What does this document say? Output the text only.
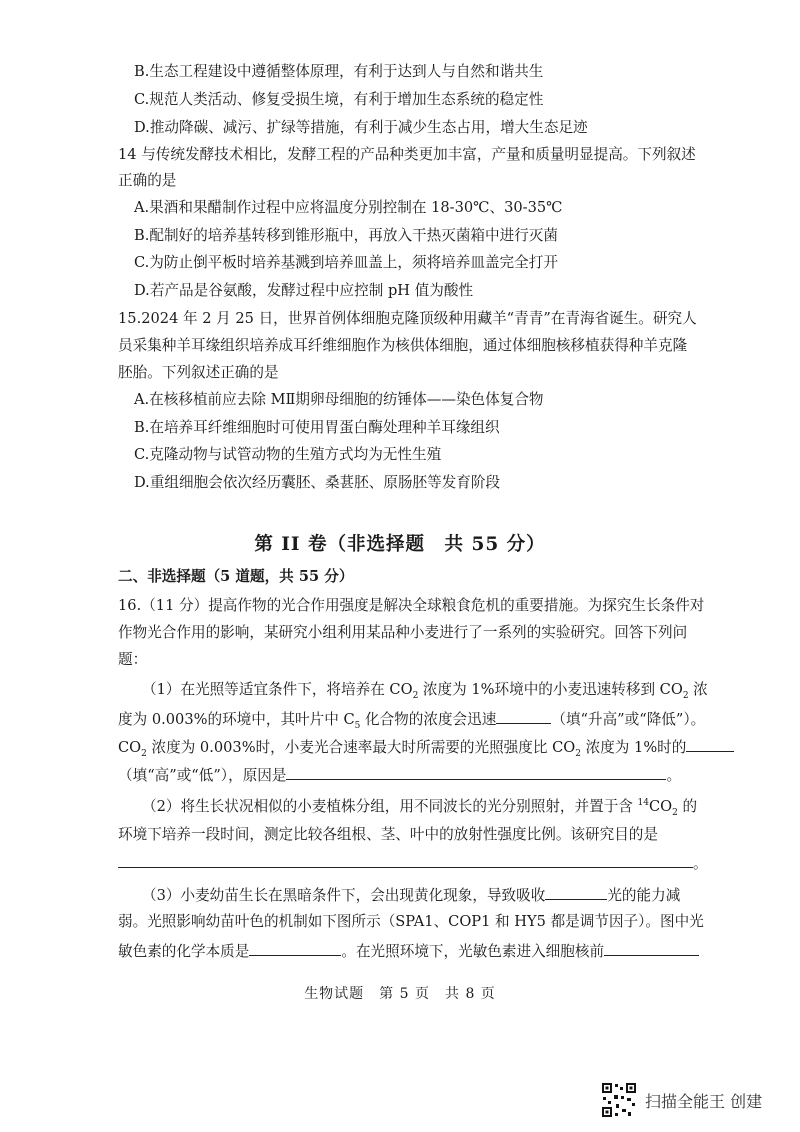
B.生态工程建设中遵循整体原理，有利于达到人与自然和谐共生
C.规范人类活动、修复受损生境，有利于增加生态系统的稳定性
D.推动降碳、减污、扩绿等措施，有利于减少生态占用，增大生态足迹
14 与传统发酵技术相比，发酵工程的产品种类更加丰富，产量和质量明显提高。下列叙述
正确的是
A.果酒和果醋制作过程中应将温度分别控制在 18-30℃、30-35℃
B.配制好的培养基转移到锥形瓶中，再放入干热灭菌箱中进行灭菌
C.为防止倒平板时培养基溅到培养皿盖上，须将培养皿盖完全打开
D.若产品是谷氨酸，发酵过程中应控制 pH 值为酸性
15.2024 年 2 月 25 日，世界首例体细胞克隆顶级种用藏羊“青青”在青海省诞生。研究人
员采集种羊耳缘组织培养成耳纤维细胞作为核供体细胞，通过体细胞核移植获得种羊克隆
胚胎。下列叙述正确的是
A.在核移植前应去除 MⅡ期卵母细胞的纺锤体——染色体复合物
B.在培养耳纤维细胞时可使用胃蛋白酶处理种羊耳缘组织
C.克隆动物与试管动物的生殖方式均为无性生殖
D.重组细胞会依次经历囊胚、桑葚胚、原肠胚等发育阶段
第 II 卷（非选择题　共 55 分）
二、非选择题（5 道题，共 55 分）
16.（11 分）提高作物的光合作用强度是解决全球粮食危机的重要措施。为探究生长条件对
作物光合作用的影响，某研究小组利用某品种小麦进行了一系列的实验研究。回答下列问
题：
（1）在光照等适宜条件下，将培养在 $CO_2$ 浓度为 1%环境中的小麦迅速转移到 $CO_2$ 浓
度为 0.003%的环境中，其叶片中 $C_5$ 化合物的浓度会迅速	（填“升高”或“降低”）。
$CO_2$ 浓度为 0.003%时，小麦光合速率最大时所需要的光照强度比 $CO_2$ 浓度为 1%时的
（填“高”或“低”），原因是	。
（2）将生长状况相似的小麦植株分组，用不同波长的光分别照射，并置于含 $^{14}CO_2$ 的
环境下培养一段时间，测定比较各组根、茎、叶中的放射性强度比例。该研究目的是
。
（3）小麦幼苗生长在黑暗条件下，会出现黄化现象，导致吸收	光的能力减
弱。光照影响幼苗叶色的机制如下图所示（SPA1、COP1 和 HY5 都是调节因子）。图中光
敏色素的化学本质是	。在光照环境下，光敏色素进入细胞核前
生物试题　第 5 页　共 8 页
扫描全能王 创建
